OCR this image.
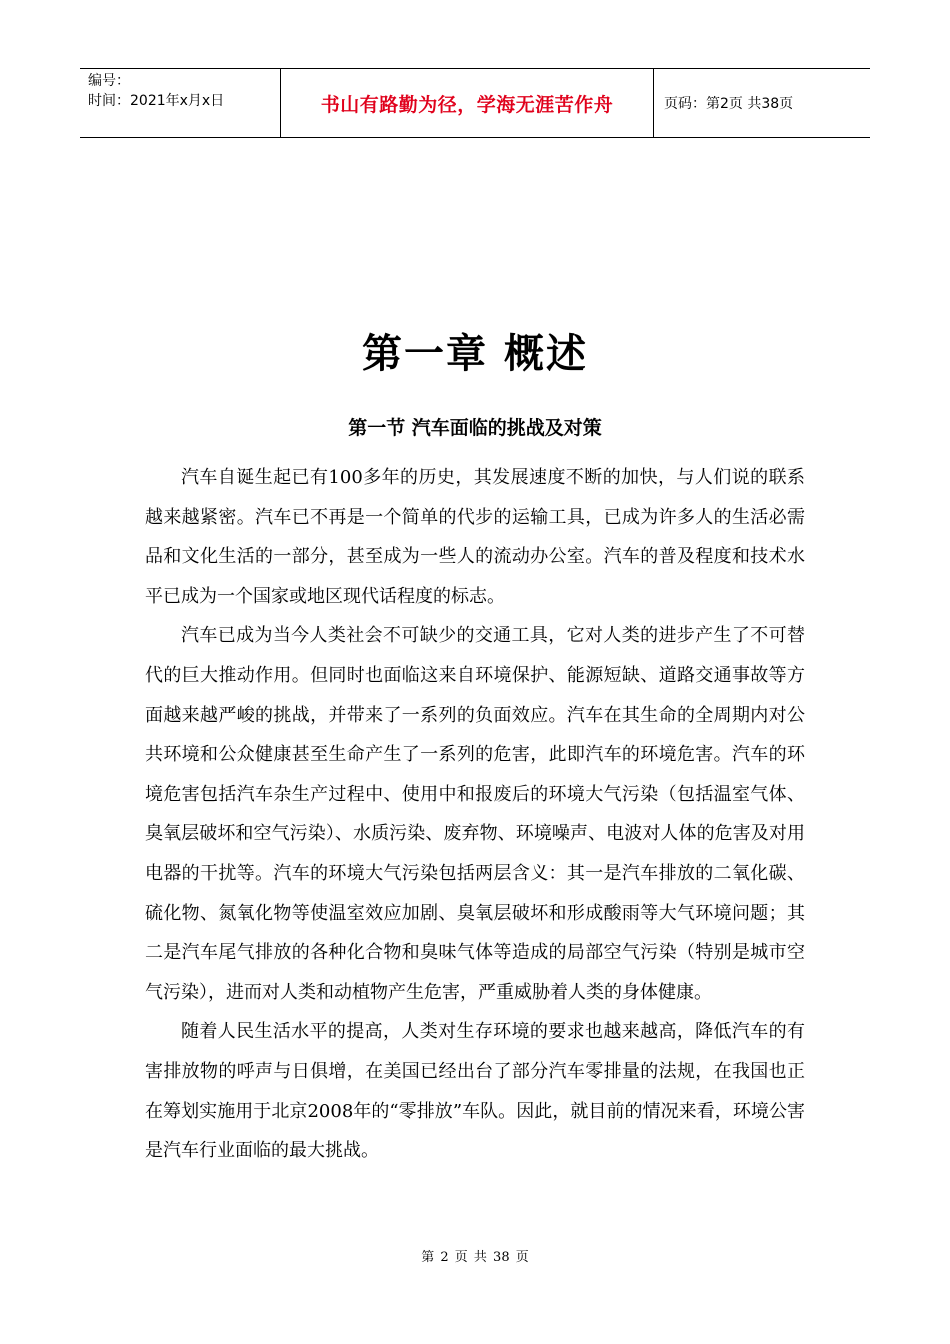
编号：
时间：2021年x月x日	书山有路勤为径，学海无涯苦作舟	页码：第2页 共38页
第一章 概述
第一节 汽车面临的挑战及对策

汽车自诞生起已有100多年的历史，其发展速度不断的加快，与人们说的联系越来越紧密。汽车已不再是一个简单的代步的运输工具，已成为许多人的生活必需品和文化生活的一部分，甚至成为一些人的流动办公室。汽车的普及程度和技术水平已成为一个国家或地区现代话程度的标志。

汽车已成为当今人类社会不可缺少的交通工具，它对人类的进步产生了不可替代的巨大推动作用。但同时也面临这来自环境保护、能源短缺、道路交通事故等方面越来越严峻的挑战，并带来了一系列的负面效应。汽车在其生命的全周期内对公共环境和公众健康甚至生命产生了一系列的危害，此即汽车的环境危害。汽车的环境危害包括汽车杂生产过程中、使用中和报废后的环境大气污染（包括温室气体、臭氧层破坏和空气污染）、水质污染、废弃物、环境噪声、电波对人体的危害及对用电器的干扰等。汽车的环境大气污染包括两层含义：其一是汽车排放的二氧化碳、硫化物、氮氧化物等使温室效应加剧、臭氧层破坏和形成酸雨等大气环境问题；其二是汽车尾气排放的各种化合物和臭味气体等造成的局部空气污染（特别是城市空气污染），进而对人类和动植物产生危害，严重威胁着人类的身体健康。

随着人民生活水平的提高，人类对生存环境的要求也越来越高，降低汽车的有害排放物的呼声与日俱增，在美国已经出台了部分汽车零排量的法规，在我国也正在筹划实施用于北京2008年的“零排放”车队。因此，就目前的情况来看，环境公害是汽车行业面临的最大挑战。

第 2 页 共 38 页
